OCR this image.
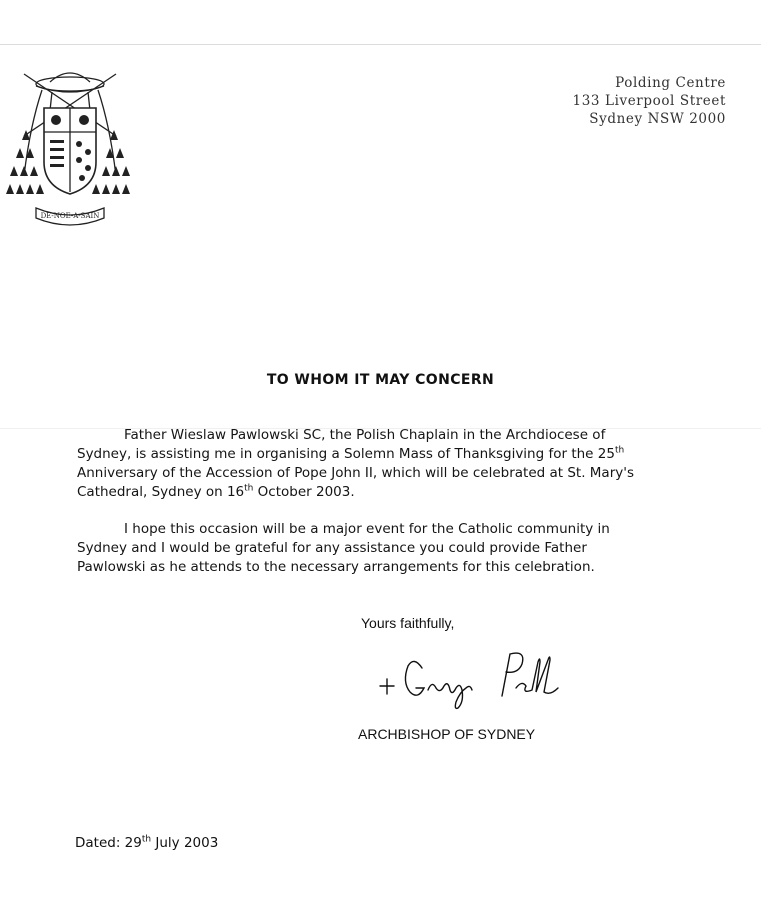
DE-NOE-A-SAIN
Polding Centre
133 Liverpool Street
Sydney NSW 2000
TO WHOM IT MAY CONCERN
Father Wieslaw Pawlowski SC, the Polish Chaplain in the Archdiocese of Sydney, is assisting me in organising a Solemn Mass of Thanksgiving for the 25th Anniversary of the Accession of Pope John II, which will be celebrated at St. Mary's Cathedral, Sydney on 16th October 2003.
I hope this occasion will be a major event for the Catholic community in Sydney and I would be grateful for any assistance you could provide Father Pawlowski as he attends to the necessary arrangements for this celebration.
Yours faithfully,
ARCHBISHOP OF SYDNEY
Dated: 29th July 2003
